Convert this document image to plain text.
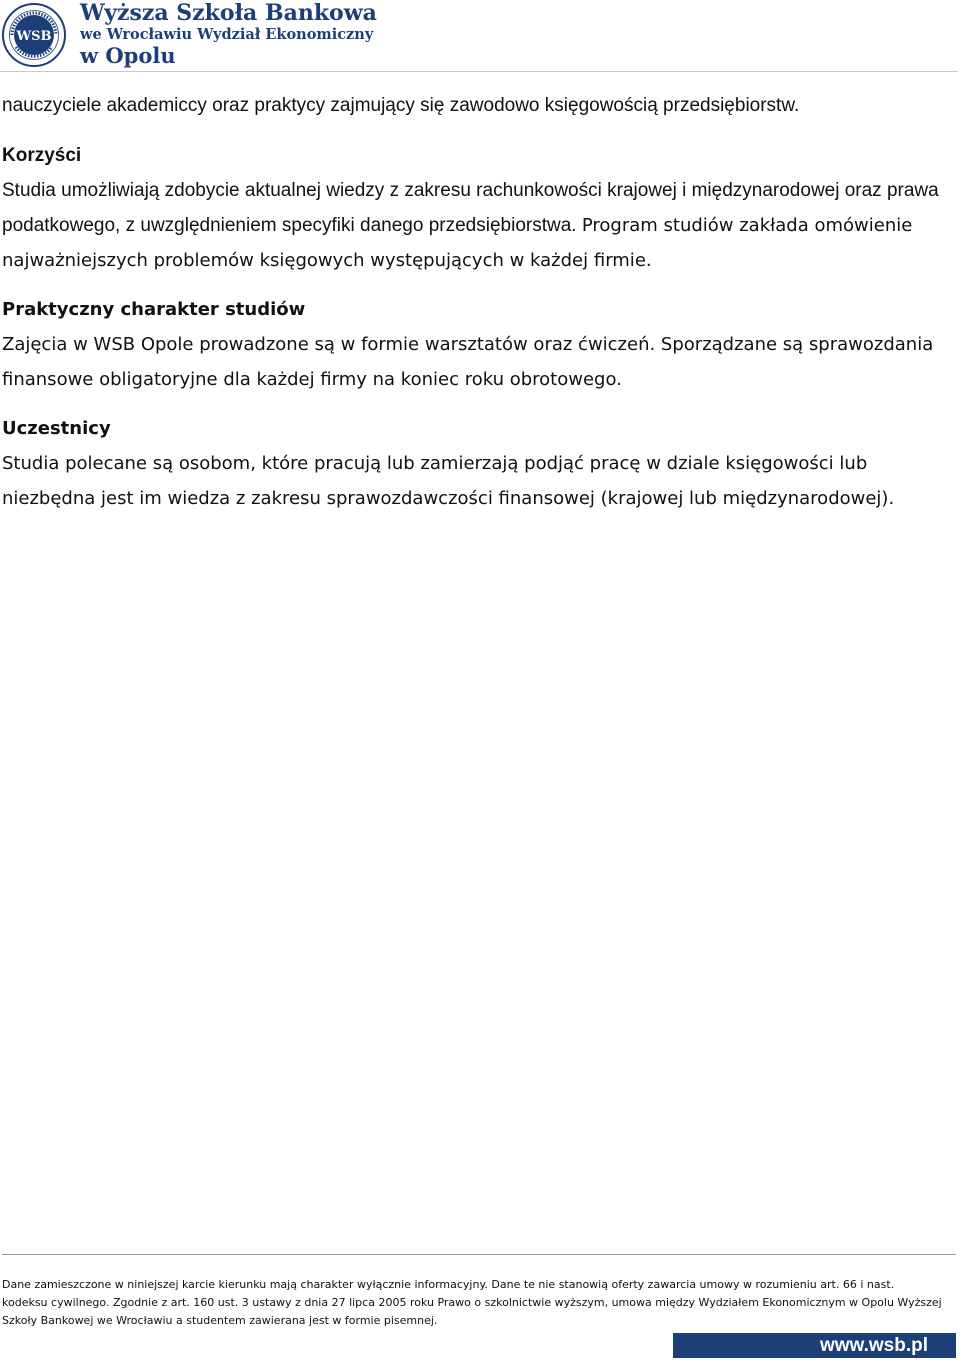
WSB
Wyższa Szkoła Bankowa
we Wrocławiu Wydział Ekonomiczny
w Opolu

nauczyciele akademiccy oraz praktycy zajmujący się zawodowo księgowością przedsiębiorstw.

Korzyści

Studia umożliwiają zdobycie aktualnej wiedzy z zakresu rachunkowości krajowej i międzynarodowej oraz prawa podatkowego, z uwzględnieniem specyfiki danego przedsiębiorstwa. Program studiów zakłada omówienie najważniejszych problemów księgowych występujących w każdej firmie.

Praktyczny charakter studiów

Zajęcia w WSB Opole prowadzone są w formie warsztatów oraz ćwiczeń. Sporządzane są sprawozdania finansowe obligatoryjne dla każdej firmy na koniec roku obrotowego.

Uczestnicy

Studia polecane są osobom, które pracują lub zamierzają podjąć pracę w dziale księgowości lub niezbędna jest im wiedza z zakresu sprawozdawczości finansowej (krajowej lub międzynarodowej).

Dane zamieszczone w niniejszej karcie kierunku mają charakter wyłącznie informacyjny. Dane te nie stanowią oferty zawarcia umowy w rozumieniu art. 66 i nast. kodeksu cywilnego. Zgodnie z art. 160 ust. 3 ustawy z dnia 27 lipca 2005 roku Prawo o szkolnictwie wyższym, umowa między Wydziałem Ekonomicznym w Opolu Wyższej Szkoły Bankowej we Wrocławiu a studentem zawierana jest w formie pisemnej.

www.wsb.pl
